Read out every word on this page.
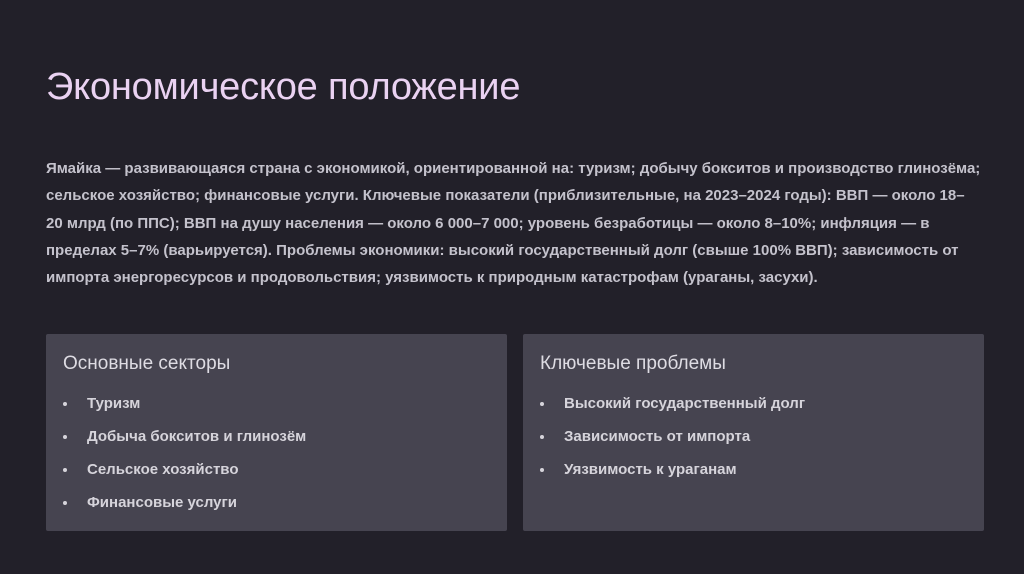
Экономическое положение

Ямайка — развивающаяся страна с экономикой, ориентированной на: туризм; добычу бокситов и производство глинозёма; сельское хозяйство; финансовые услуги. Ключевые показатели (приблизительные, на 2023–2024 годы): ВВП — около 18–20 млрд (по ППС); ВВП на душу населения — около 6 000–7 000; уровень безработицы — около 8–10%; инфляция — в пределах 5–7% (варьируется). Проблемы экономики: высокий государственный долг (свыше 100% ВВП); зависимость от импорта энергоресурсов и продовольствия; уязвимость к природным катастрофам (ураганы, засухи).

Основные секторы
Туризм
Добыча бокситов и глинозём
Сельское хозяйство
Финансовые услуги
Ключевые проблемы
Высокий государственный долг
Зависимость от импорта
Уязвимость к ураганам
